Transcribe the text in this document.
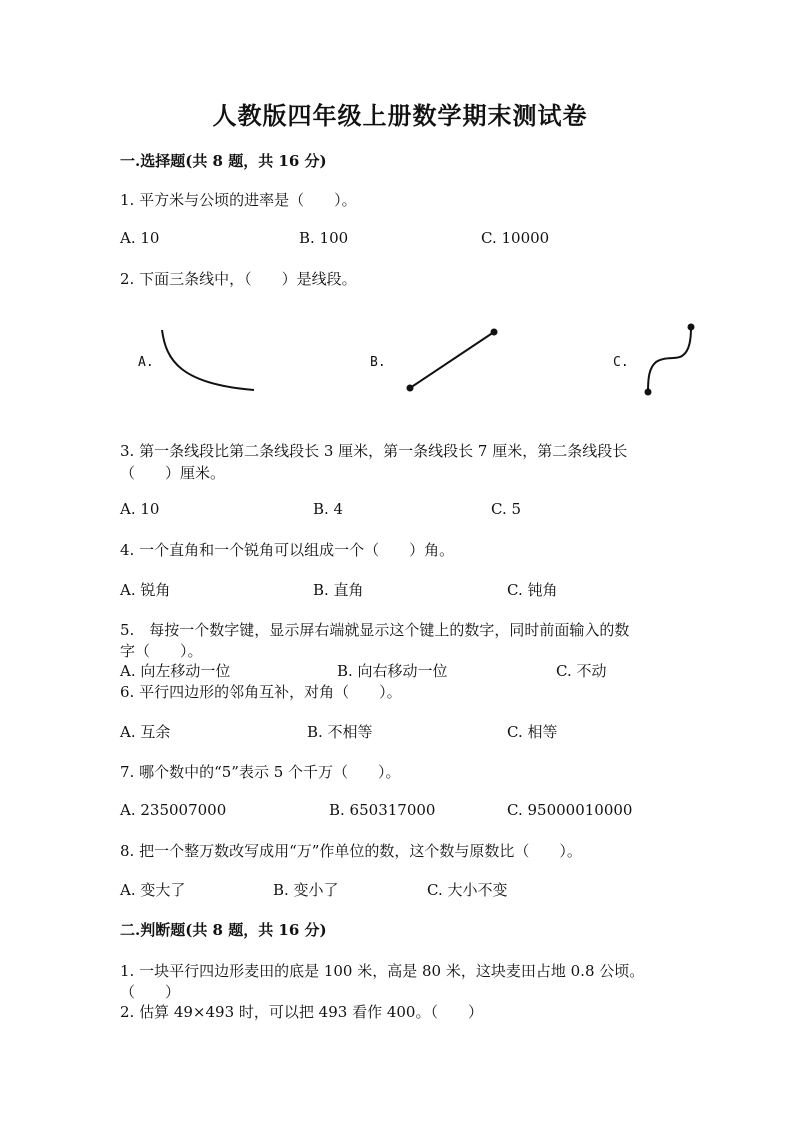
人教版四年级上册数学期末测试卷
一.选择题(共 8 题，共 16 分)
1. 平方米与公顷的进率是（　　）。
A. 10	B. 100	C. 10000
2. 下面三条线中，（　　）是线段。
A.	B.	C.
3. 第一条线段比第二条线段长 3 厘米，第一条线段长 7 厘米，第二条线段长
（　　）厘米。
A. 10	B. 4	C. 5
4. 一个直角和一个锐角可以组成一个（　　）角。
A. 锐角	B. 直角	C. 钝角
5.　每按一个数字键，显示屏右端就显示这个键上的数字，同时前面输入的数
字（　　）。
A. 向左移动一位	B. 向右移动一位	C. 不动
6. 平行四边形的邻角互补，对角（　　）。
A. 互余	B. 不相等	C. 相等
7. 哪个数中的“5”表示 5 个千万（　　）。
A. 235007000	B. 650317000	C. 95000010000
8. 把一个整万数改写成用“万”作单位的数，这个数与原数比（　　）。
A. 变大了	B. 变小了	C. 大小不变
二.判断题(共 8 题，共 16 分)
1. 一块平行四边形麦田的底是 100 米，高是 80 米，这块麦田占地 0.8 公顷。
（　　）
2. 估算 49×493 时，可以把 493 看作 400。（　　）
